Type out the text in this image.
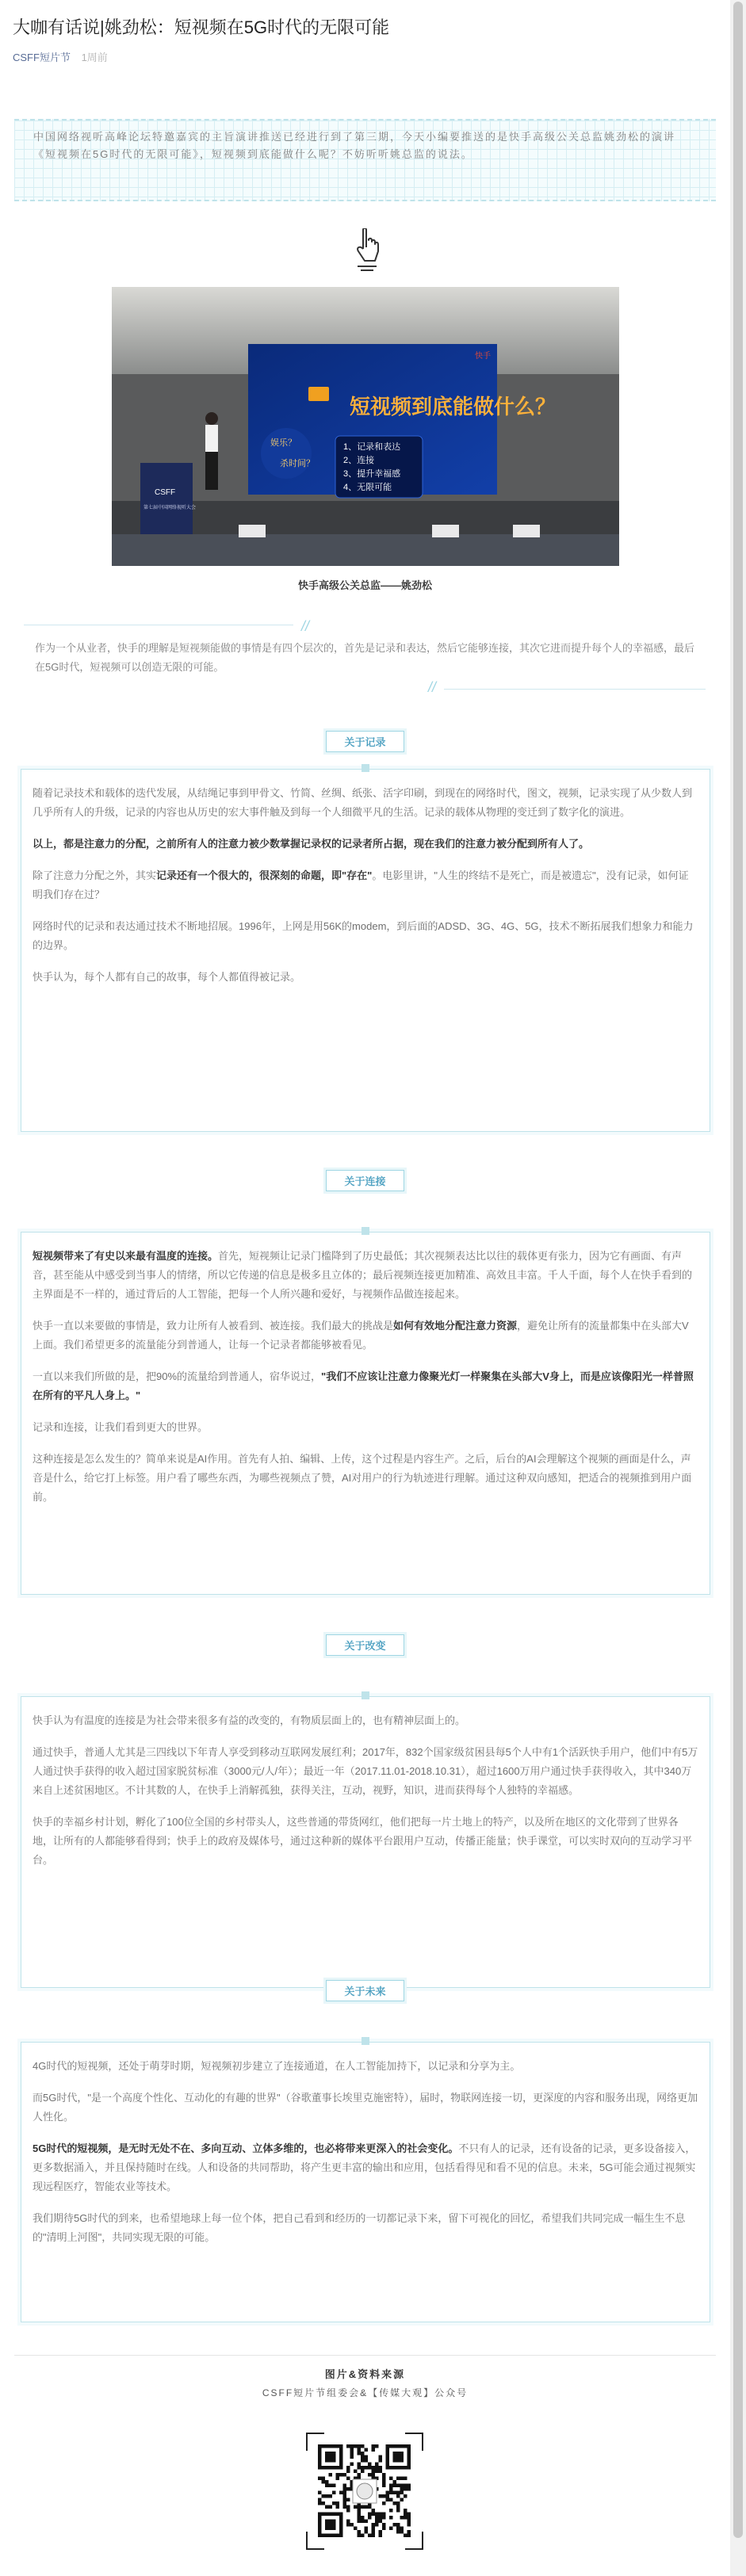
大咖有话说|姚劲松：短视频在5G时代的无限可能
CSFF短片节 1周前

中国网络视听高峰论坛特邀嘉宾的主旨演讲推送已经进行到了第三期，今天小编要推送的是快手高级公关总监姚劲松的演讲《短视频在5G时代的无限可能》，短视频到底能做什么呢？不妨听听姚总监的说法。

短视频到底能做什么？
快手
娱乐？
杀时间？
1、记录和表达
2、连接
3、提升幸福感
4、无限可能
CSFF
第七届中国网络视听大会
快手高级公关总监——姚劲松
//

作为一个从业者，快手的理解是短视频能做的事情是有四个层次的，首先是记录和表达，然后它能够连接，其次它进而提升每个人的幸福感，最后在5G时代，短视频可以创造无限的可能。

//
关于记录

随着记录技术和载体的迭代发展，从结绳记事到甲骨文、竹简、丝绸、纸张、活字印刷，到现在的网络时代，图文，视频，记录实现了从少数人到几乎所有人的升级，记录的内容也从历史的宏大事件触及到每一个人细微平凡的生活。记录的载体从物理的变迁到了数字化的演进。

以上，都是注意力的分配，之前所有人的注意力被少数掌握记录权的记录者所占据，现在我们的注意力被分配到所有人了。

除了注意力分配之外，其实记录还有一个很大的，很深刻的命题，即"存在"。电影里讲，"人生的终结不是死亡，而是被遗忘"，没有记录，如何证明我们存在过？

网络时代的记录和表达通过技术不断地招展。1996年，上网是用56K的modem，到后面的ADSD、3G、4G、5G，技术不断拓展我们想象力和能力的边界。

快手认为，每个人都有自己的故事，每个人都值得被记录。

关于连接

短视频带来了有史以来最有温度的连接。首先，短视频让记录门槛降到了历史最低；其次视频表达比以往的载体更有张力，因为它有画面、有声音，甚至能从中感受到当事人的情绪，所以它传递的信息是极多且立体的；最后视频连接更加精准、高效且丰富。千人千面，每个人在快手看到的主界面是不一样的，通过背后的人工智能，把每一个人所兴趣和爱好，与视频作品做连接起来。

快手一直以来要做的事情是，致力让所有人被看到、被连接。我们最大的挑战是如何有效地分配注意力资源，避免让所有的流量都集中在头部大V上面。我们希望更多的流量能分到普通人，让每一个记录者都能够被看见。

一直以来我们所做的是，把90%的流量给到普通人，宿华说过，"我们不应该让注意力像聚光灯一样聚集在头部大V身上，而是应该像阳光一样普照在所有的平凡人身上。"

记录和连接，让我们看到更大的世界。

这种连接是怎么发生的？简单来说是AI作用。首先有人拍、编辑、上传，这个过程是内容生产。之后，后台的AI会理解这个视频的画面是什么，声音是什么，给它打上标签。用户看了哪些东西，为哪些视频点了赞，AI对用户的行为轨迹进行理解。通过这种双向感知，把适合的视频推到用户面前。

关于改变

快手认为有温度的连接是为社会带来很多有益的改变的，有物质层面上的，也有精神层面上的。

通过快手，普通人尤其是三四线以下年青人享受到移动互联网发展红利；2017年，832个国家级贫困县每5个人中有1个活跃快手用户，他们中有5万人通过快手获得的收入超过国家脱贫标准（3000元/人/年）；最近一年（2017.11.01-2018.10.31），超过1600万用户通过快手获得收入，其中340万来自上述贫困地区。不计其数的人，在快手上消解孤独，获得关注，互动，视野，知识，进而获得每个人独特的幸福感。

快手的幸福乡村计划，孵化了100位全国的乡村带头人，这些普通的带货网红，他们把每一片土地上的特产，以及所在地区的文化带到了世界各地，让所有的人都能够看得到；快手上的政府及媒体号，通过这种新的媒体平台跟用户互动，传播正能量；快手课堂，可以实时双向的互动学习平台。

关于未来

4G时代的短视频，还处于萌芽时期，短视频初步建立了连接通道，在人工智能加持下，以记录和分享为主。

而5G时代，"是一个高度个性化、互动化的有趣的世界"（谷歌董事长埃里克施密特），届时，物联网连接一切，更深度的内容和服务出现，网络更加人性化。

5G时代的短视频，是无时无处不在、多向互动、立体多维的，也必将带来更深入的社会变化。不只有人的记录，还有设备的记录，更多设备接入，更多数据涌入，并且保持随时在线。人和设备的共同帮助，将产生更丰富的输出和应用，包括看得见和看不见的信息。未来，5G可能会通过视频实现远程医疗，智能农业等技术。

我们期待5G时代的到来，也希望地球上每一位个体，把自己看到和经历的一切都记录下来，留下可视化的回忆，希望我们共同完成一幅生生不息的"清明上河图"，共同实现无限的可能。

图片&资料来源
CSFF短片节组委会&【传媒大观】公众号
